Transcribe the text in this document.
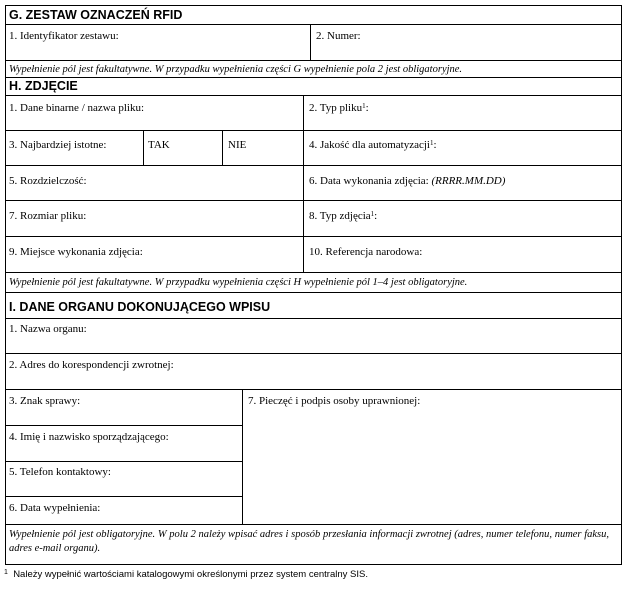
G. ZESTAW OZNACZEŃ RFID
1. Identyfikator zestawu:	2. Numer:
Wypełnienie pól jest fakultatywne. W przypadku wypełnienia części G wypełnienie pola 2 jest obligatoryjne.
H. ZDJĘCIE
1. Dane binarne / nazwa pliku:	2. Typ pliku$^1$:
3. Najbardziej istotne:	TAK	NIE	4. Jakość dla automatyzacji$^1$:
5. Rozdzielczość:	6. Data wykonania zdjęcia: (RRRR.MM.DD)
7. Rozmiar pliku:	8. Typ zdjęcia$^1$:
9. Miejsce wykonania zdjęcia:	10. Referencja narodowa:
Wypełnienie pól jest fakultatywne. W przypadku wypełnienia części H wypełnienie pól 1–4 jest obligatoryjne.
I. DANE ORGANU DOKONUJĄCEGO WPISU
1. Nazwa organu:
2. Adres do korespondencji zwrotnej:
3. Znak sprawy:	7. Pieczęć i podpis osoby uprawnionej:
4. Imię i nazwisko sporządzającego:
5. Telefon kontaktowy:
6. Data wypełnienia:
Wypełnienie pól jest obligatoryjne. W polu 2 należy wpisać adres i sposób przesłania informacji zwrotnej (adres, numer telefonu, numer faksu, adres e-mail organu).
$^1$ Należy wypełnić wartościami katalogowymi określonymi przez system centralny SIS.
